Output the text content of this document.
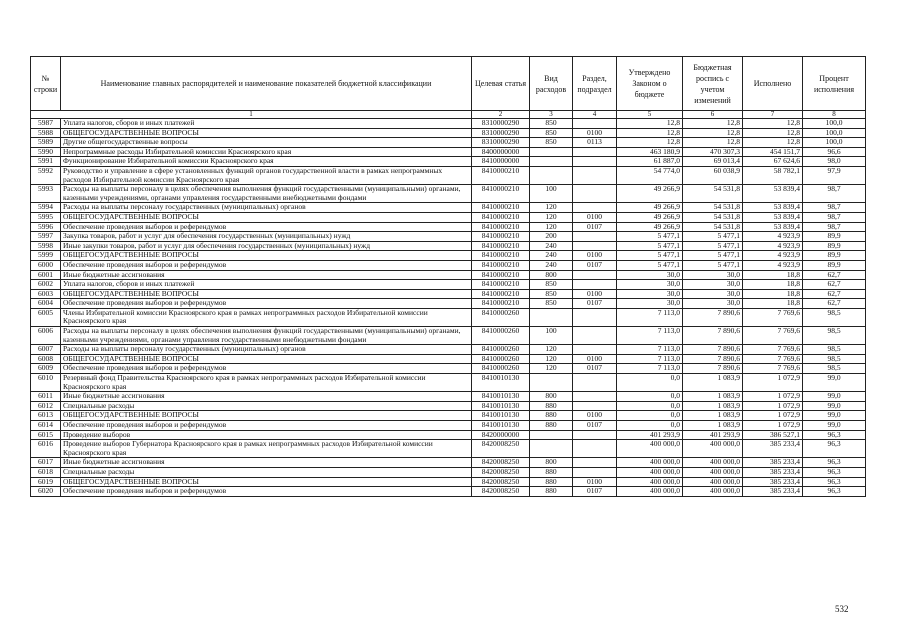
№ строки	Наименование главных распорядителей и наименование показателей бюджетной классификации	Целевая статья	Вид расходов	Раздел, подраздел	Утверждено Законом о бюджете	Бюджетная роспись с учетом изменений	Исполнено	Процент исполнения
1		2	3	4	5	6	7	8
5987	Уплата налогов, сборов и иных платежей	8310000290	850		12,8	12,8	12,8	100,0
5988	ОБЩЕГОСУДАРСТВЕННЫЕ ВОПРОСЫ	8310000290	850	0100	12,8	12,8	12,8	100,0
5989	Другие общегосударственные вопросы	8310000290	850	0113	12,8	12,8	12,8	100,0
5990	Непрограммные расходы Избирательной комиссии Красноярского края	8400000000			463 180,9	470 307,3	454 151,7	96,6
5991	Функционирование Избирательной комиссии Красноярского края	8410000000			61 887,0	69 013,4	67 624,6	98,0
5992	Руководство и управление в сфере установленных функций органов государственной власти в рамках непрограммных расходов Избирательной комиссии Красноярского края	8410000210			54 774,0	60 038,9	58 782,1	97,9
5993	Расходы на выплаты персоналу в целях обеспечения выполнения функций государственными (муниципальными) органами, казенными учреждениями, органами управления государственными внебюджетными фондами	8410000210	100		49 266,9	54 531,8	53 839,4	98,7
5994	Расходы на выплаты персоналу государственных (муниципальных) органов	8410000210	120		49 266,9	54 531,8	53 839,4	98,7
5995	ОБЩЕГОСУДАРСТВЕННЫЕ ВОПРОСЫ	8410000210	120	0100	49 266,9	54 531,8	53 839,4	98,7
5996	Обеспечение проведения выборов и референдумов	8410000210	120	0107	49 266,9	54 531,8	53 839,4	98,7
5997	Закупка товаров, работ и услуг для обеспечения государственных (муниципальных) нужд	8410000210	200		5 477,1	5 477,1	4 923,9	89,9
5998	Иные закупки товаров, работ и услуг для обеспечения государственных (муниципальных) нужд	8410000210	240		5 477,1	5 477,1	4 923,9	89,9
5999	ОБЩЕГОСУДАРСТВЕННЫЕ ВОПРОСЫ	8410000210	240	0100	5 477,1	5 477,1	4 923,9	89,9
6000	Обеспечение проведения выборов и референдумов	8410000210	240	0107	5 477,1	5 477,1	4 923,9	89,9
6001	Иные бюджетные ассигнования	8410000210	800		30,0	30,0	18,8	62,7
6002	Уплата налогов, сборов и иных платежей	8410000210	850		30,0	30,0	18,8	62,7
6003	ОБЩЕГОСУДАРСТВЕННЫЕ ВОПРОСЫ	8410000210	850	0100	30,0	30,0	18,8	62,7
6004	Обеспечение проведения выборов и референдумов	8410000210	850	0107	30,0	30,0	18,8	62,7
6005	Члены Избирательной комиссии Красноярского края в рамках непрограммных расходов Избирательной комиссии Красноярского края	8410000260			7 113,0	7 890,6	7 769,6	98,5
6006	Расходы на выплаты персоналу в целях обеспечения выполнения функций государственными (муниципальными) органами, казенными учреждениями, органами управления государственными внебюджетными фондами	8410000260	100		7 113,0	7 890,6	7 769,6	98,5
6007	Расходы на выплаты персоналу государственных (муниципальных) органов	8410000260	120		7 113,0	7 890,6	7 769,6	98,5
6008	ОБЩЕГОСУДАРСТВЕННЫЕ ВОПРОСЫ	8410000260	120	0100	7 113,0	7 890,6	7 769,6	98,5
6009	Обеспечение проведения выборов и референдумов	8410000260	120	0107	7 113,0	7 890,6	7 769,6	98,5
6010	Резервный фонд Правительства Красноярского края в рамках непрограммных расходов Избирательной комиссии Красноярского края	8410010130			0,0	1 083,9	1 072,9	99,0
6011	Иные бюджетные ассигнования	8410010130	800		0,0	1 083,9	1 072,9	99,0
6012	Специальные расходы	8410010130	880		0,0	1 083,9	1 072,9	99,0
6013	ОБЩЕГОСУДАРСТВЕННЫЕ ВОПРОСЫ	8410010130	880	0100	0,0	1 083,9	1 072,9	99,0
6014	Обеспечение проведения выборов и референдумов	8410010130	880	0107	0,0	1 083,9	1 072,9	99,0
6015	Проведение выборов	8420000000			401 293,9	401 293,9	386 527,1	96,3
6016	Проведение выборов Губернатора Красноярского края в рамках непрограммных расходов Избирательной комиссии Красноярского края	8420008250			400 000,0	400 000,0	385 233,4	96,3
6017	Иные бюджетные ассигнования	8420008250	800		400 000,0	400 000,0	385 233,4	96,3
6018	Специальные расходы	8420008250	880		400 000,0	400 000,0	385 233,4	96,3
6019	ОБЩЕГОСУДАРСТВЕННЫЕ ВОПРОСЫ	8420008250	880	0100	400 000,0	400 000,0	385 233,4	96,3
6020	Обеспечение проведения выборов и референдумов	8420008250	880	0107	400 000,0	400 000,0	385 233,4	96,3
532
